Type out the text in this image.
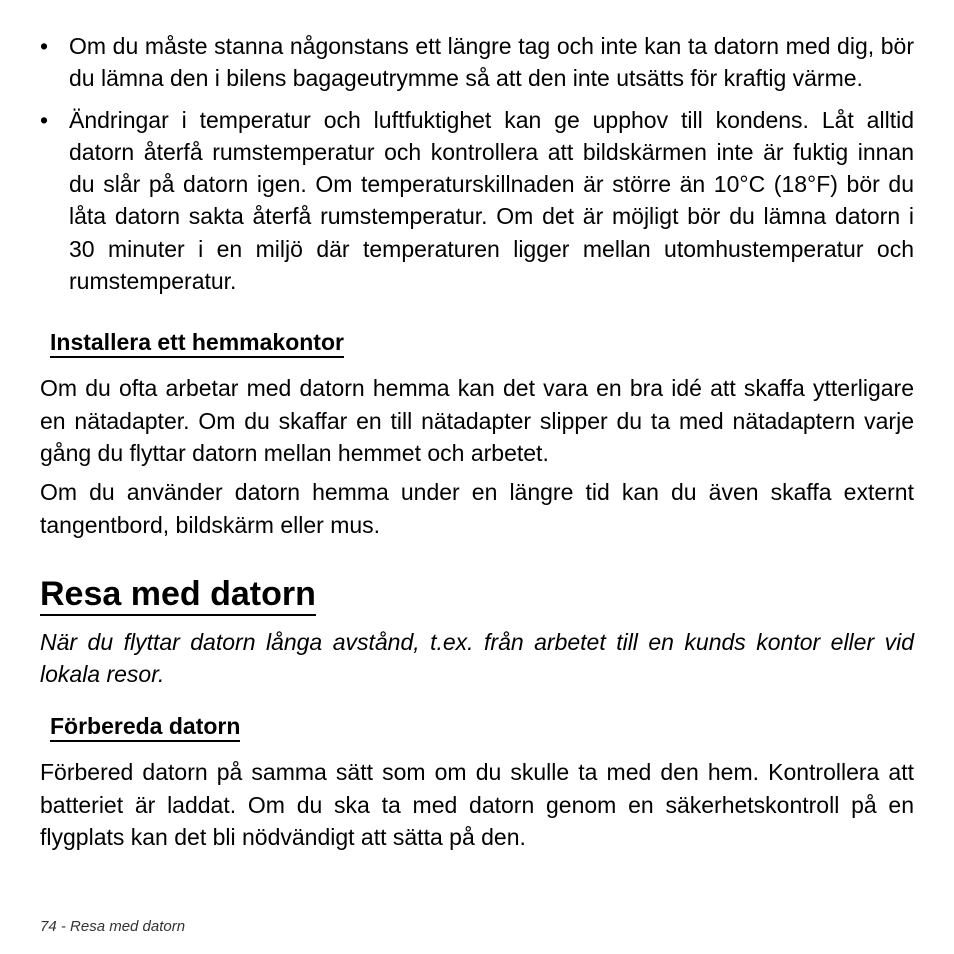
• Om du måste stanna någonstans ett längre tag och inte kan ta datorn med dig, bör du lämna den i bilens bagageutrymme så att den inte utsätts för kraftig värme.
• Ändringar i temperatur och luftfuktighet kan ge upphov till kondens. Låt alltid datorn återfå rumstemperatur och kontrollera att bildskärmen inte är fuktig innan du slår på datorn igen. Om temperaturskillnaden är större än 10°C (18°F) bör du låta datorn sakta återfå rumstemperatur. Om det är möjligt bör du lämna datorn i 30 minuter i en miljö där temperaturen ligger mellan utomhustemperatur och rumstemperatur.
Installera ett hemmakontor

Om du ofta arbetar med datorn hemma kan det vara en bra idé att skaffa ytterligare en nätadapter. Om du skaffar en till nätadapter slipper du ta med nätadaptern varje gång du flyttar datorn mellan hemmet och arbetet.

Om du använder datorn hemma under en längre tid kan du även skaffa externt tangentbord, bildskärm eller mus.

Resa med datorn

När du flyttar datorn långa avstånd, t.ex. från arbetet till en kunds kontor eller vid lokala resor.

Förbereda datorn

Förbered datorn på samma sätt som om du skulle ta med den hem. Kontrollera att batteriet är laddat. Om du ska ta med datorn genom en säkerhetskontroll på en flygplats kan det bli nödvändigt att sätta på den.

74 - Resa med datorn
